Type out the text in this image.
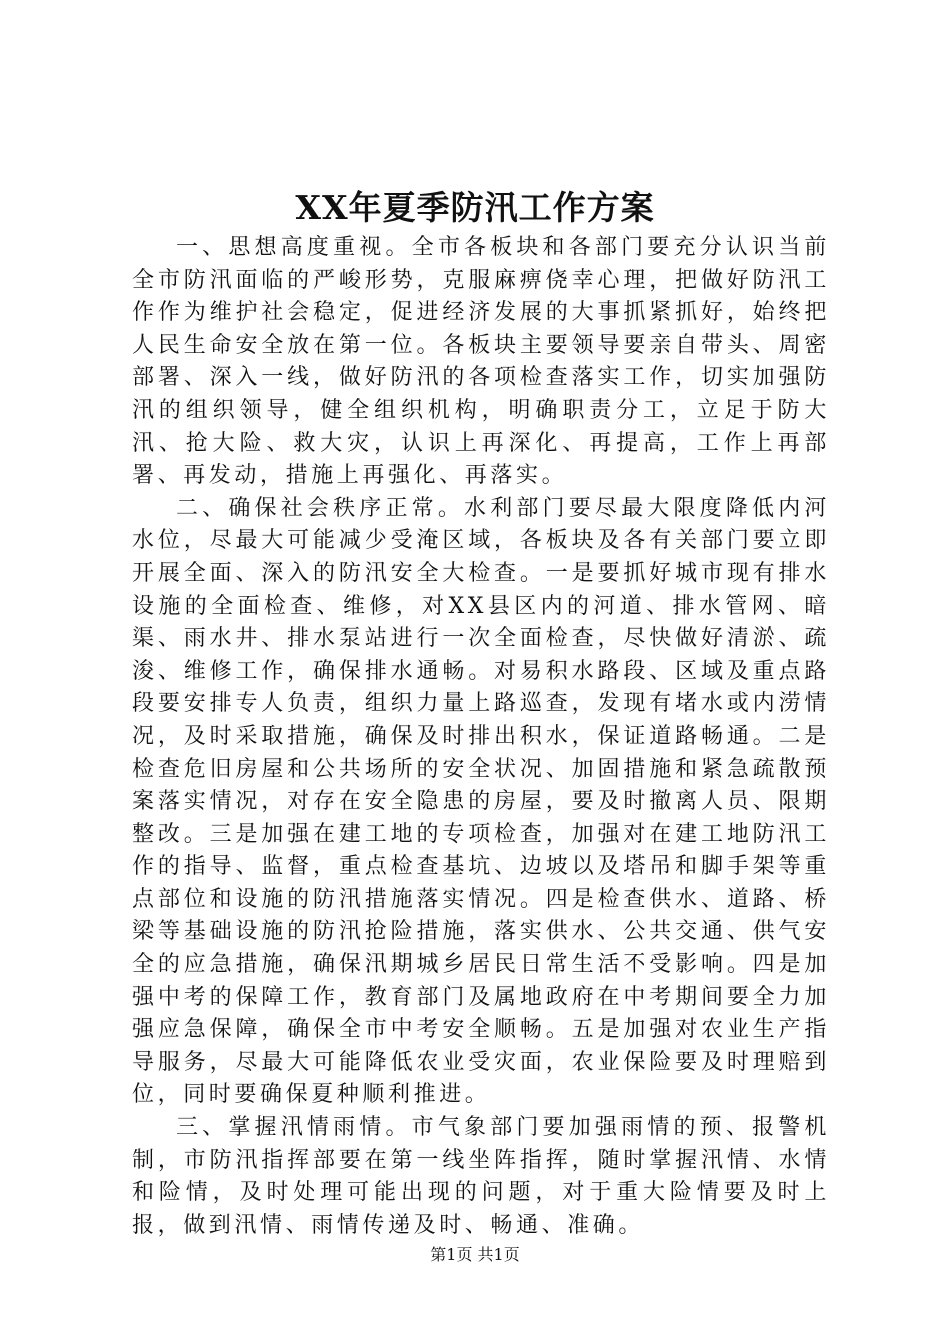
XX年夏季防汛工作方案

一、思想高度重视。全市各板块和各部门要充分认识当前全市防汛面临的严峻形势，克服麻痹侥幸心理，把做好防汛工作作为维护社会稳定，促进经济发展的大事抓紧抓好，始终把人民生命安全放在第一位。各板块主要领导要亲自带头、周密部署、深入一线，做好防汛的各项检查落实工作，切实加强防汛的组织领导，健全组织机构，明确职责分工，立足于防大汛、抢大险、救大灾，认识上再深化、再提高，工作上再部署、再发动，措施上再强化、再落实。

二、确保社会秩序正常。水利部门要尽最大限度降低内河水位，尽最大可能减少受淹区域，各板块及各有关部门要立即开展全面、深入的防汛安全大检查。一是要抓好城市现有排水设施的全面检查、维修，对XX县区内的河道、排水管网、暗渠、雨水井、排水泵站进行一次全面检查，尽快做好清淤、疏浚、维修工作，确保排水通畅。对易积水路段、区域及重点路段要安排专人负责，组织力量上路巡查，发现有堵水或内涝情况，及时采取措施，确保及时排出积水，保证道路畅通。二是检查危旧房屋和公共场所的安全状况、加固措施和紧急疏散预案落实情况，对存在安全隐患的房屋，要及时撤离人员、限期整改。三是加强在建工地的专项检查，加强对在建工地防汛工作的指导、监督，重点检查基坑、边坡以及塔吊和脚手架等重点部位和设施的防汛措施落实情况。四是检查供水、道路、桥梁等基础设施的防汛抢险措施，落实供水、公共交通、供气安全的应急措施，确保汛期城乡居民日常生活不受影响。四是加强中考的保障工作，教育部门及属地政府在中考期间要全力加强应急保障，确保全市中考安全顺畅。五是加强对农业生产指导服务，尽最大可能降低农业受灾面，农业保险要及时理赔到位，同时要确保夏种顺利推进。

三、掌握汛情雨情。市气象部门要加强雨情的预、报警机制，市防汛指挥部要在第一线坐阵指挥，随时掌握汛情、水情和险情，及时处理可能出现的问题，对于重大险情要及时上报，做到汛情、雨情传递及时、畅通、准确。

第1页 共1页
